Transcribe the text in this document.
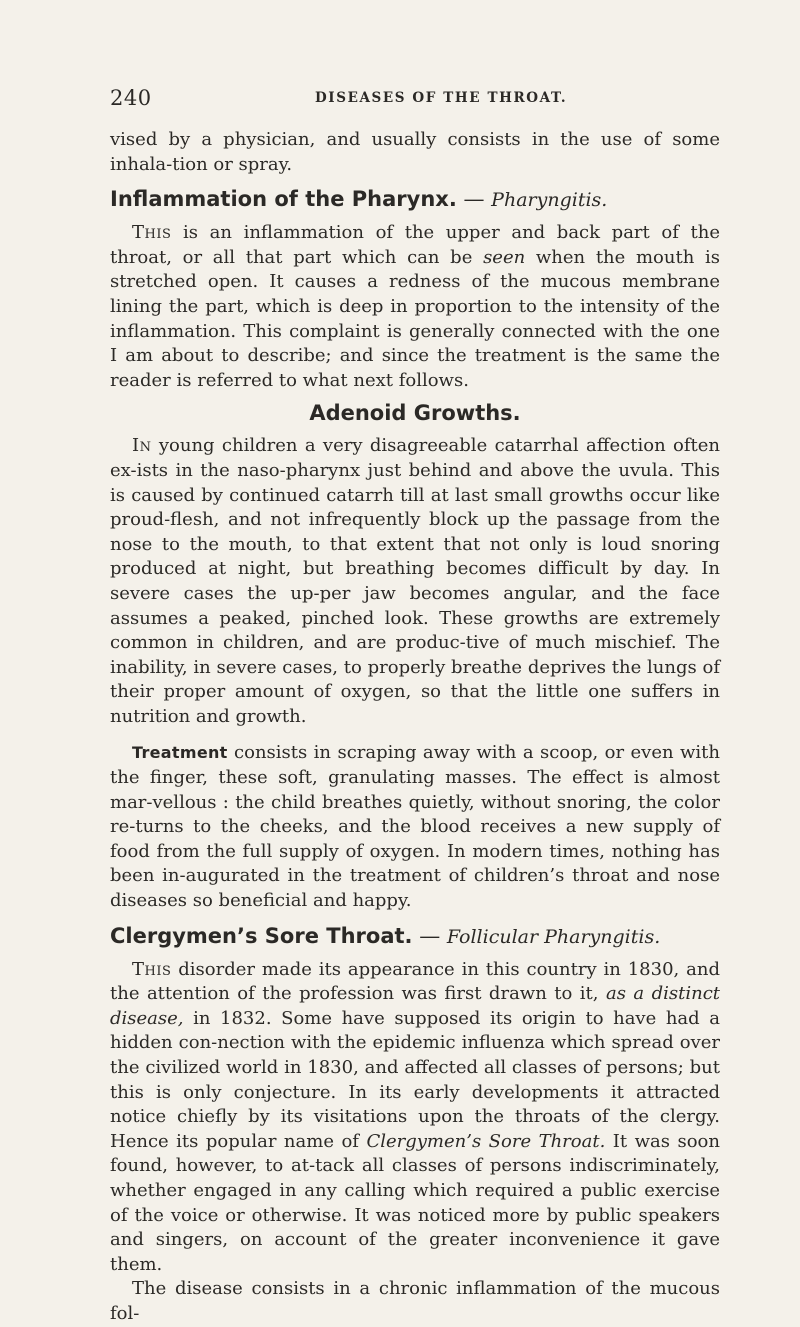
240	DISEASES OF THE THROAT.

vised by a physician, and usually consists in the use of some inhala-tion or spray.

Inflammation of the Pharynx. — Pharyngitis.

This is an inflammation of the upper and back part of the throat, or all that part which can be seen when the mouth is stretched open. It causes a redness of the mucous membrane lining the part, which is deep in proportion to the intensity of the inflammation. This complaint is generally connected with the one I am about to describe; and since the treatment is the same the reader is referred to what next follows.

Adenoid Growths.

In young children a very disagreeable catarrhal affection often ex-ists in the naso-pharynx just behind and above the uvula. This is caused by continued catarrh till at last small growths occur like proud-flesh, and not infrequently block up the passage from the nose to the mouth, to that extent that not only is loud snoring produced at night, but breathing becomes difficult by day. In severe cases the up-per jaw becomes angular, and the face assumes a peaked, pinched look. These growths are extremely common in children, and are produc-tive of much mischief. The inability, in severe cases, to properly breathe deprives the lungs of their proper amount of oxygen, so that the little one suffers in nutrition and growth.

Treatment consists in scraping away with a scoop, or even with the finger, these soft, granulating masses. The effect is almost mar-vellous : the child breathes quietly, without snoring, the color re-turns to the cheeks, and the blood receives a new supply of food from the full supply of oxygen. In modern times, nothing has been in-augurated in the treatment of children’s throat and nose diseases so beneficial and happy.

Clergymen’s Sore Throat. — Follicular Pharyngitis.

This disorder made its appearance in this country in 1830, and the attention of the profession was first drawn to it, as a distinct disease, in 1832. Some have supposed its origin to have had a hidden con-nection with the epidemic influenza which spread over the civilized world in 1830, and affected all classes of persons; but this is only conjecture. In its early developments it attracted notice chiefly by its visitations upon the throats of the clergy. Hence its popular name of Clergymen’s Sore Throat. It was soon found, however, to at-tack all classes of persons indiscriminately, whether engaged in any calling which required a public exercise of the voice or otherwise. It was noticed more by public speakers and singers, on account of the greater inconvenience it gave them.

The disease consists in a chronic inflammation of the mucous fol-
